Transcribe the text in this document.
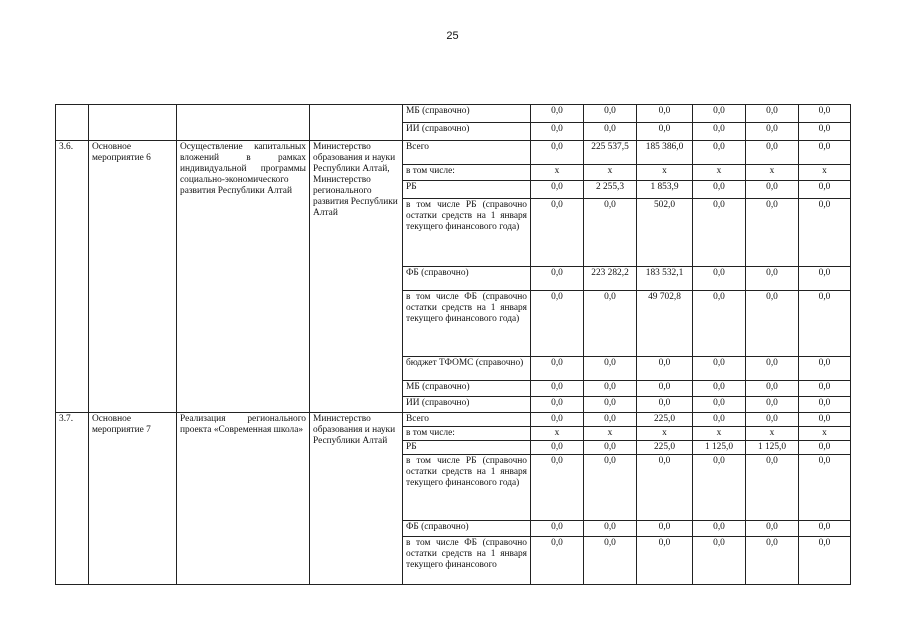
25
				МБ (справочно)	0,0	0,0	0,0	0,0	0,0	0,0
				ИИ (справочно)	0,0	0,0	0,0	0,0	0,0	0,0
3.6.	Основное мероприятие 6	Осуществление капитальных вложений в рамках индивидуальной программы социально-экономического развития Республики Алтай	Министерство образования и науки Республики Алтай, Министерство регионального развития Республики Алтай	Всего	0,0	225 537,5	185 386,0	0,0	0,0	0,0
				в том числе:	х	х	х	х	х	х
				РБ	0,0	2 255,3	1 853,9	0,0	0,0	0,0
				в том числе РБ (справочно остатки средств на 1 января текущего финансового года)	0,0	0,0	502,0	0,0	0,0	0,0
				ФБ (справочно)	0,0	223 282,2	183 532,1	0,0	0,0	0,0
				в том числе ФБ (справочно остатки средств на 1 января текущего финансового года)	0,0	0,0	49 702,8	0,0	0,0	0,0
				бюджет ТФОМС (справочно)	0,0	0,0	0,0	0,0	0,0	0,0
				МБ (справочно)	0,0	0,0	0,0	0,0	0,0	0,0
				ИИ (справочно)	0,0	0,0	0,0	0,0	0,0	0,0
3.7.	Основное мероприятие 7	Реализация регионального проекта «Современная школа»	Министерство образования и науки Республики Алтай	Всего	0,0	0,0	225,0	0,0	0,0	0,0
				в том числе:	х	х	х	х	х	х
				РБ	0,0	0,0	225,0	1 125,0	1 125,0	0,0
				в том числе РБ (справочно остатки средств на 1 января текущего финансового года)	0,0	0,0	0,0	0,0	0,0	0,0
				ФБ (справочно)	0,0	0,0	0,0	0,0	0,0	0,0
				в том числе ФБ (справочно остатки средств на 1 января текущего финансового	0,0	0,0	0,0	0,0	0,0	0,0
